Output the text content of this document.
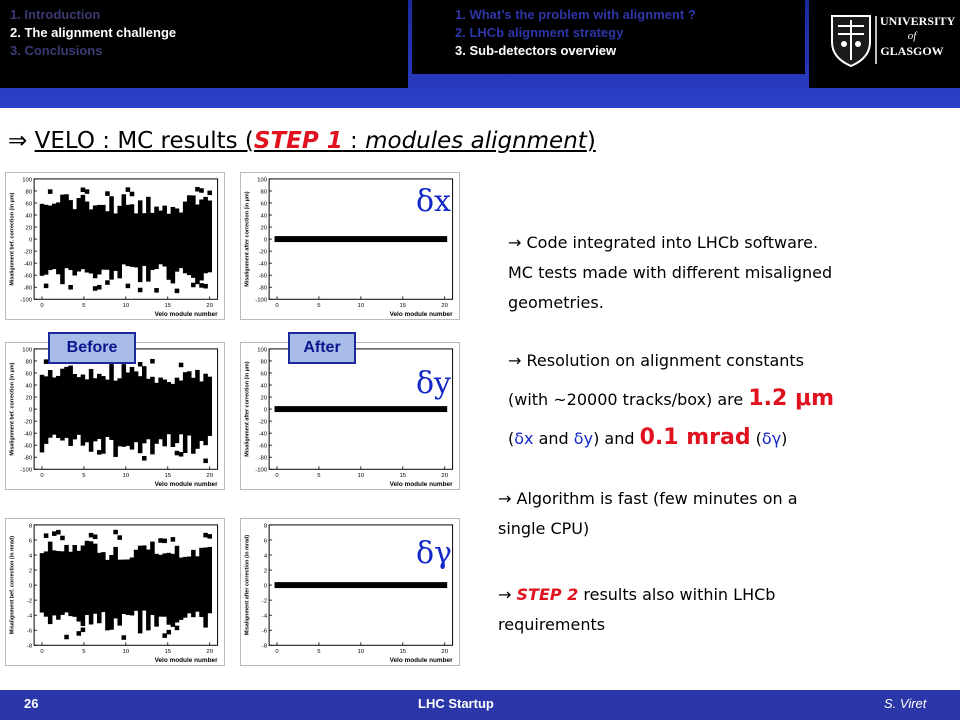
1. Introduction
2. The alignment challenge
3. Conclusions
1. What’s the problem with alignment ?
2. LHCb alignment strategy
3. Sub-detectors overview
UNIVERSITY
of
GLASGOW
⇒ VELO : MC results (STEP 1 : modules alignment)
100
80
60
40
20
0
-20
-40
-60
-80
-100
0	5	10	15	20
Velo module number
Misalignment bef. correction (in μm)
100
80
60
40
20
0
-20
-40
-60
-80
-100
0	5	10	15	20
Velo module number
Misalignment after correction (in μm)
100
80
60
40
20
0
-20
-40
-60
-80
-100
0	5	10	15	20
Velo module number
Misalignment bef. correction (in μm)
100
80
60
40
20
0
-20
-40
-60
-80
-100
0	5	10	15	20
Velo module number
Misalignment after correction (in μm)
8
6
4
2
0
-2
-4
-6
-8
0	5	10	15	20
Velo module number
Misalignment bef. correction (in mrad)
8
6
4
2
0
-2
-4
-6
-8
0	5	10	15	20
Velo module number
Misalignment after correction (in mrad)
Before	After
δx
δy
δγ
→ Code integrated into LHCb software.
MC tests made with different misaligned
geometries.
→ Resolution on alignment constants
(with ~20000 tracks/box) are 1.2 μm
(δx and δy) and 0.1 mrad (δγ)
→ Algorithm is fast (few minutes on a
single CPU)
→ STEP 2 results also within LHCb
requirements
26	LHC Startup	S. Viret
